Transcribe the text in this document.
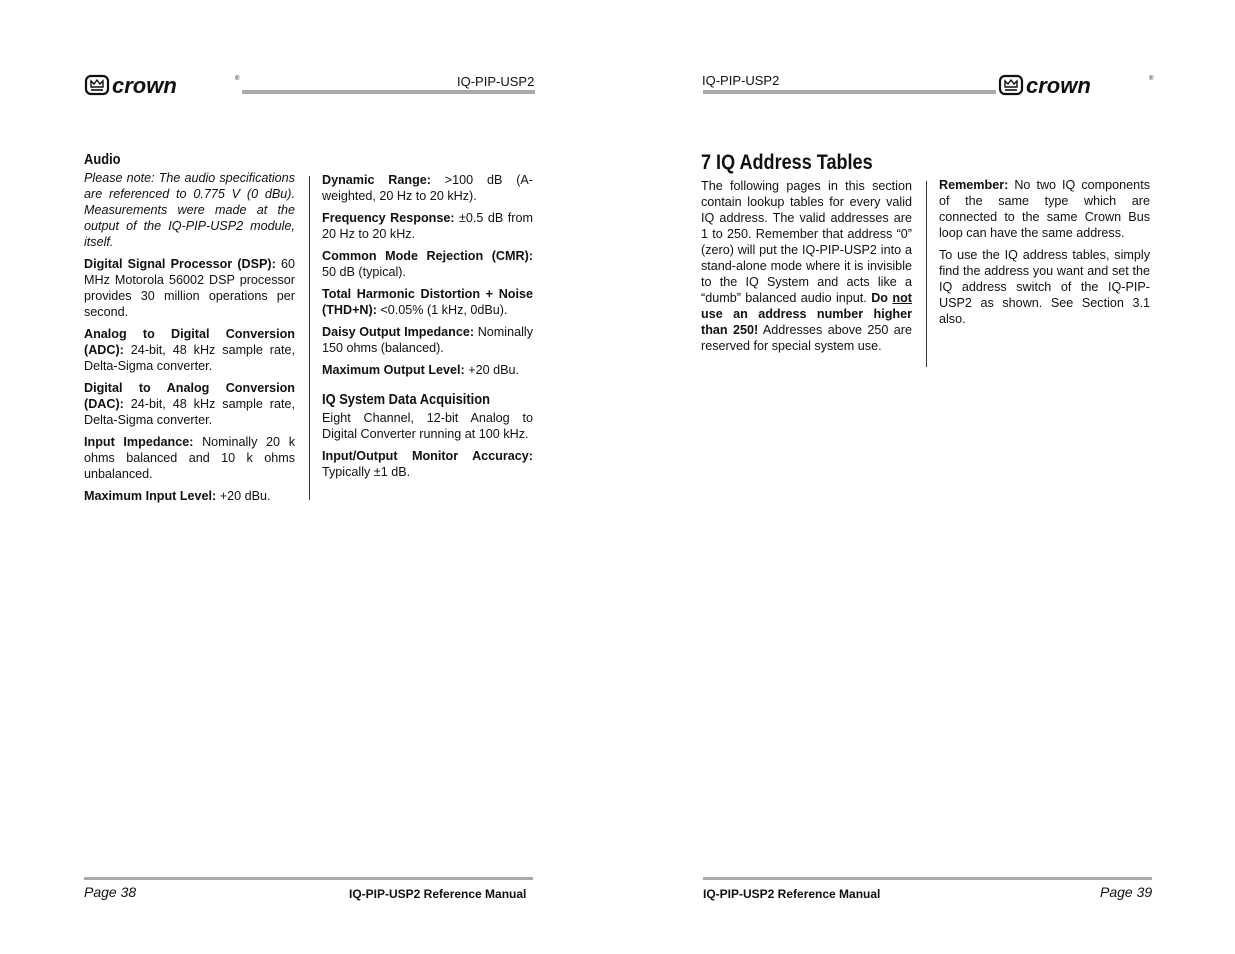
crown	®	IQ-PIP-USP2
Audio

Please note: The audio specifications are referenced to 0.775 V (0 dBu). Measurements were made at the output of the IQ-PIP-USP2 module, itself.

Digital Signal Processor (DSP): 60 MHz Motorola 56002 DSP processor provides 30 million operations per second.

Analog to Digital Conversion (ADC): 24-bit, 48 kHz sample rate, Delta-Sigma converter.

Digital to Analog Conversion (DAC): 24-bit, 48 kHz sample rate, Delta-Sigma converter.

Input Impedance: Nominally 20 k ohms balanced and 10 k ohms unbalanced.

Maximum Input Level: +20 dBu.

Dynamic Range: >100 dB (A-weighted, 20 Hz to 20 kHz).

Frequency Response: ±0.5 dB from 20 Hz to 20 kHz.

Common Mode Rejection (CMR): 50 dB (typical).

Total Harmonic Distortion + Noise (THD+N): <0.05% (1 kHz, 0dBu).

Daisy Output Impedance: Nominally 150 ohms (balanced).

Maximum Output Level: +20 dBu.

IQ System Data Acquisition

Eight Channel, 12-bit Analog to Digital Converter running at 100 kHz.

Input/Output Monitor Accuracy: Typically ±1 dB.

Page 38	IQ-PIP-USP2 Reference Manual
IQ-PIP-USP2	crown	®
7 IQ Address Tables

The following pages in this section contain lookup tables for every valid IQ address. The valid addresses are 1 to 250. Remember that address “0” (zero) will put the IQ-PIP-USP2 into a stand-alone mode where it is invisible to the IQ System and acts like a “dumb” balanced audio input. Do not use an address number higher than 250! Addresses above 250 are reserved for special system use.

Remember: No two IQ components of the same type which are connected to the same Crown Bus loop can have the same address.

To use the IQ address tables, simply find the address you want and set the IQ address switch of the IQ-PIP-USP2 as shown. See Section 3.1 also.

IQ-PIP-USP2 Reference Manual	Page 39
